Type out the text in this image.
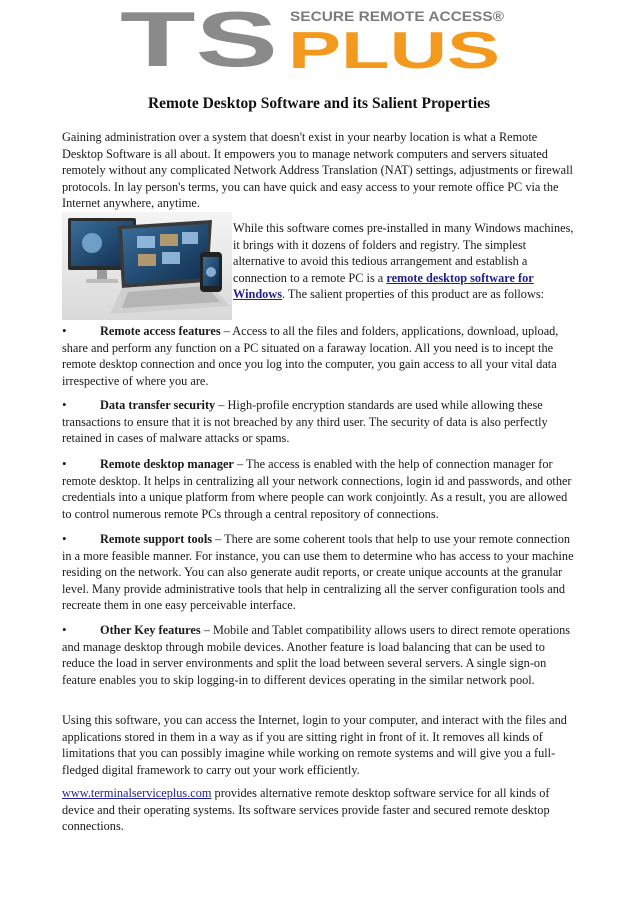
TS SECURE REMOTE ACCESS®
PLUS
Remote Desktop Software and its Salient Properties

Gaining administration over a system that doesn't exist in your nearby location is what a Remote Desktop Software is all about. It empowers you to manage network computers and servers situated remotely without any complicated Network Address Translation (NAT) settings, adjustments or firewall protocols. In lay person's terms, you can have quick and easy access to your remote office PC via the Internet anywhere, anytime.

While this software comes pre-installed in many Windows machines, it brings with it dozens of folders and registry. The simplest alternative to avoid this tedious arrangement and establish a connection to a remote PC is a remote desktop software for Windows. The salient properties of this product are as follows:

•	Remote access features – Access to all the files and folders, applications, download, upload, share and perform any function on a PC situated on a faraway location. All you need is to incept the remote desktop connection and once you log into the computer, you gain access to all your vital data irrespective of where you are.

•	Data transfer security – High-profile encryption standards are used while allowing these transactions to ensure that it is not breached by any third user. The security of data is also perfectly retained in cases of malware attacks or spams.

•	Remote desktop manager – The access is enabled with the help of connection manager for remote desktop. It helps in centralizing all your network connections, login id and passwords, and other credentials into a unique platform from where people can work conjointly. As a result, you are allowed to control numerous remote PCs through a central repository of connections.

•	Remote support tools – There are some coherent tools that help to use your remote connection in a more feasible manner. For instance, you can use them to determine who has access to your machine residing on the network. You can also generate audit reports, or create unique accounts at the granular level. Many provide administrative tools that help in centralizing all the server configuration tools and recreate them in one easy perceivable interface.

•	Other Key features – Mobile and Tablet compatibility allows users to direct remote operations and manage desktop through mobile devices. Another feature is load balancing that can be used to reduce the load in server environments and split the load between several servers. A single sign-on feature enables you to skip logging-in to different devices operating in the similar network pool.

Using this software, you can access the Internet, login to your computer, and interact with the files and applications stored in them in a way as if you are sitting right in front of it. It removes all kinds of limitations that you can possibly imagine while working on remote systems and will give you a full-fledged digital framework to carry out your work efficiently.

www.terminalserviceplus.com provides alternative remote desktop software service for all kinds of device and their operating systems. Its software services provide faster and secured remote desktop connections.
